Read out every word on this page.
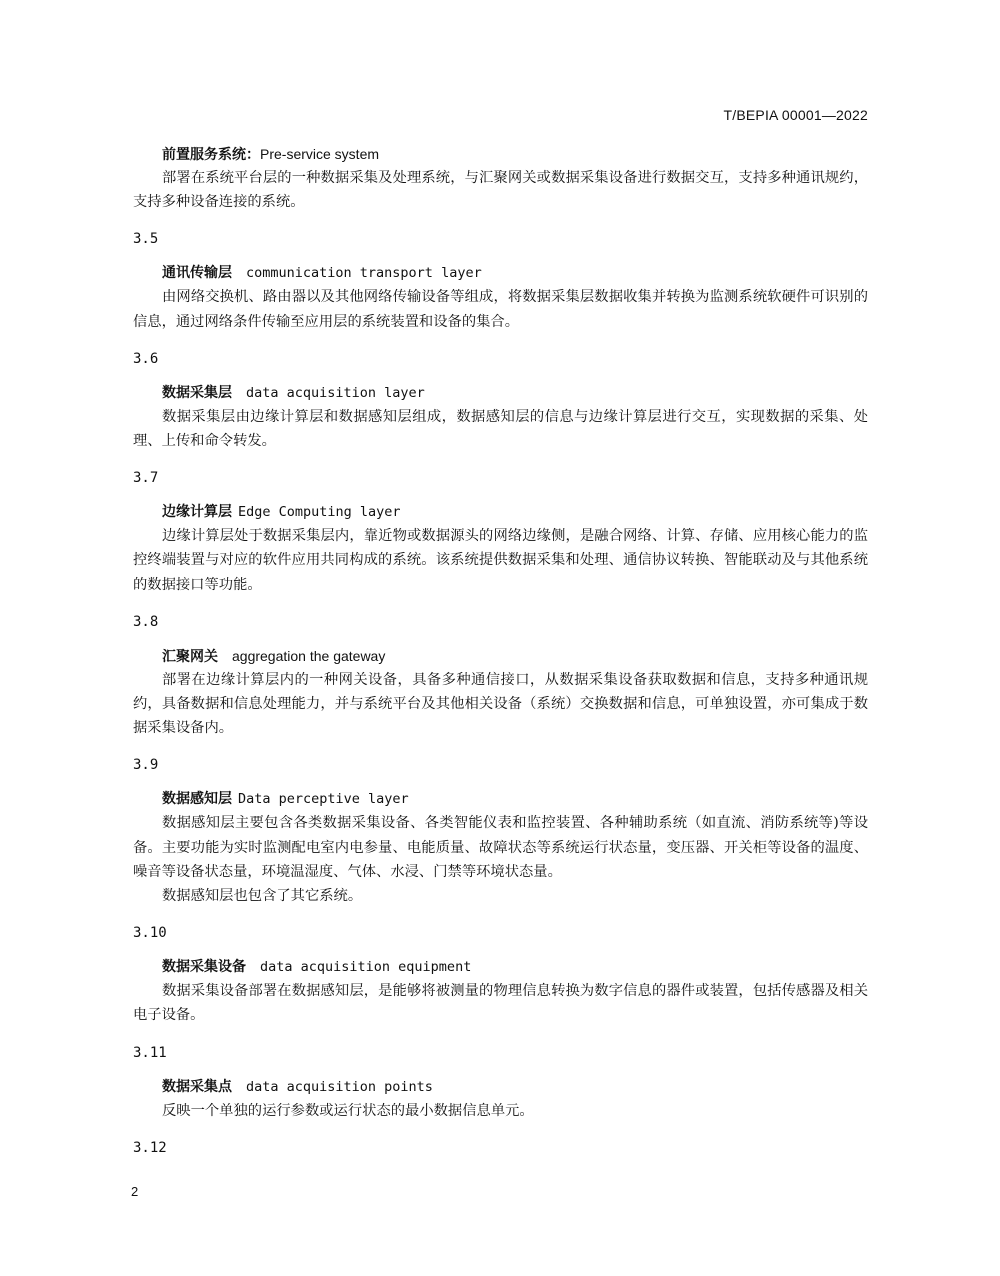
T/BEPIA 00001—2022

前置服务系统：Pre-service system

部署在系统平台层的一种数据采集及处理系统，与汇聚网关或数据采集设备进行数据交互，支持多种通讯规约，支持多种设备连接的系统。

3.5

通讯传输层 communication transport layer

由网络交换机、路由器以及其他网络传输设备等组成，将数据采集层数据收集并转换为监测系统软硬件可识别的信息，通过网络条件传输至应用层的系统装置和设备的集合。

3.6

数据采集层 data acquisition layer

数据采集层由边缘计算层和数据感知层组成，数据感知层的信息与边缘计算层进行交互，实现数据的采集、处理、上传和命令转发。

3.7

边缘计算层 Edge Computing layer

边缘计算层处于数据采集层内，靠近物或数据源头的网络边缘侧，是融合网络、计算、存储、应用核心能力的监控终端装置与对应的软件应用共同构成的系统。该系统提供数据采集和处理、通信协议转换、智能联动及与其他系统的数据接口等功能。

3.8

汇聚网关 aggregation the gateway

部署在边缘计算层内的一种网关设备，具备多种通信接口，从数据采集设备获取数据和信息，支持多种通讯规约，具备数据和信息处理能力，并与系统平台及其他相关设备（系统）交换数据和信息，可单独设置，亦可集成于数据采集设备内。

3.9

数据感知层 Data perceptive layer

数据感知层主要包含各类数据采集设备、各类智能仪表和监控装置、各种辅助系统（如直流、消防系统等)等设备。主要功能为实时监测配电室内电参量、电能质量、故障状态等系统运行状态量，变压器、开关柜等设备的温度、噪音等设备状态量，环境温湿度、气体、水浸、门禁等环境状态量。

数据感知层也包含了其它系统。

3.10

数据采集设备 data acquisition equipment

数据采集设备部署在数据感知层，是能够将被测量的物理信息转换为数字信息的器件或装置，包括传感器及相关电子设备。

3.11

数据采集点 data acquisition points

反映一个单独的运行参数或运行状态的最小数据信息单元。

3.12

2
